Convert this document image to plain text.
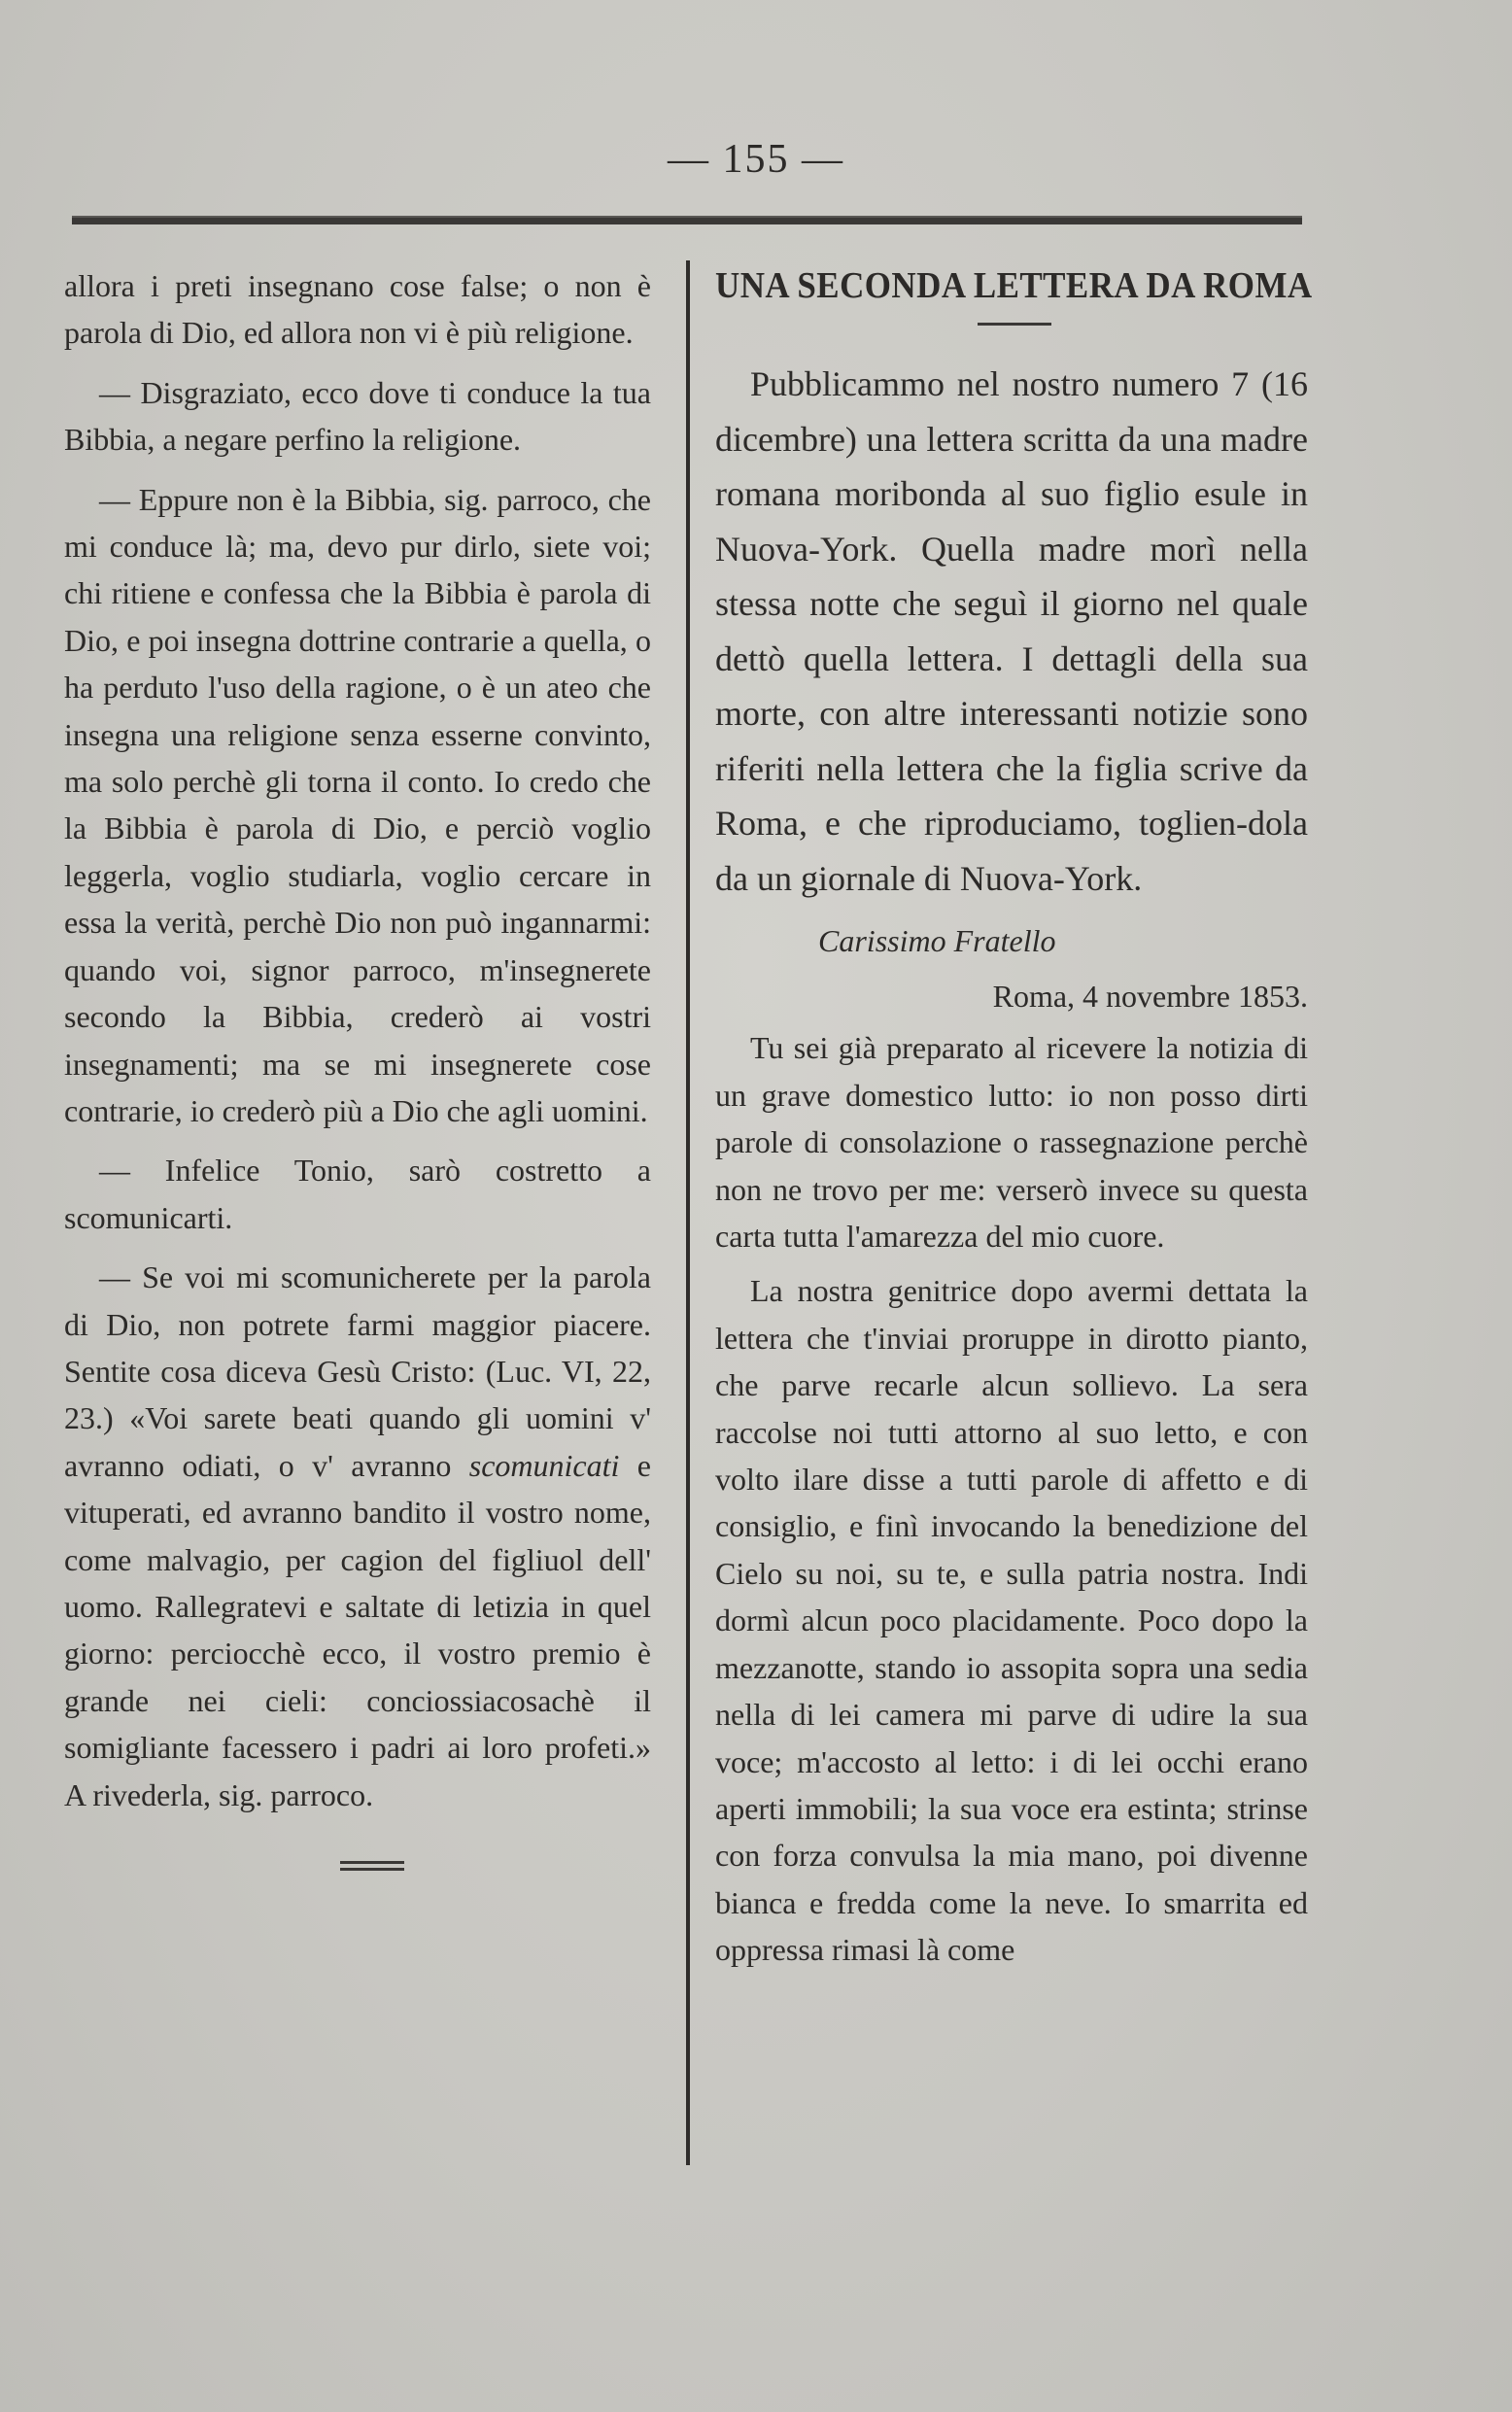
— 155 —

allora i preti insegnano cose false; o non è parola di Dio, ed allora non vi è più religione.

— Disgraziato, ecco dove ti conduce la tua Bibbia, a negare perfino la religione.

— Eppure non è la Bibbia, sig. parroco, che mi conduce là; ma, devo pur dirlo, siete voi; chi ritiene e confessa che la Bibbia è parola di Dio, e poi insegna dottrine contrarie a quella, o ha perduto l'uso della ragione, o è un ateo che insegna una religione senza esserne convinto, ma solo perchè gli torna il conto. Io credo che la Bibbia è parola di Dio, e perciò voglio leggerla, voglio studiarla, voglio cercare in essa la verità, perchè Dio non può ingannarmi: quando voi, signor parroco, m'insegnerete secondo la Bibbia, crederò ai vostri insegnamenti; ma se mi insegnerete cose contrarie, io crederò più a Dio che agli uomini.

— Infelice Tonio, sarò costretto a scomunicarti.

— Se voi mi scomunicherete per la parola di Dio, non potrete farmi maggior piacere. Sentite cosa diceva Gesù Cristo: (Luc. VI, 22, 23.) «Voi sarete beati quando gli uomini v' avranno odiati, o v' avranno scomunicati e vituperati, ed avranno bandito il vostro nome, come malvagio, per cagion del figliuol dell' uomo. Rallegratevi e saltate di letizia in quel giorno: perciocchè ecco, il vostro premio è grande nei cieli: conciossiacosachè il somigliante facessero i padri ai loro profeti.» A rivederla, sig. parroco.

UNA SECONDA LETTERA DA ROMA

Pubblicammo nel nostro numero 7 (16 dicembre) una lettera scritta da una madre romana moribonda al suo figlio esule in Nuova-York. Quella madre morì nella stessa notte che seguì il giorno nel quale dettò quella lettera. I dettagli della sua morte, con altre interessanti notizie sono riferiti nella lettera che la figlia scrive da Roma, e che riproduciamo, toglien-dola da un giornale di Nuova-York.

Carissimo Fratello
Roma, 4 novembre 1853.

Tu sei già preparato al ricevere la notizia di un grave domestico lutto: io non posso dirti parole di consolazione o rassegnazione perchè non ne trovo per me: verserò invece su questa carta tutta l'amarezza del mio cuore.

La nostra genitrice dopo avermi dettata la lettera che t'inviai proruppe in dirotto pianto, che parve recarle alcun sollievo. La sera raccolse noi tutti attorno al suo letto, e con volto ilare disse a tutti parole di affetto e di consiglio, e finì invocando la benedizione del Cielo su noi, su te, e sulla patria nostra. Indi dormì alcun poco placidamente. Poco dopo la mezzanotte, stando io assopita sopra una sedia nella di lei camera mi parve di udire la sua voce; m'accosto al letto: i di lei occhi erano aperti immobili; la sua voce era estinta; strinse con forza convulsa la mia mano, poi divenne bianca e fredda come la neve. Io smarrita ed oppressa rimasi là come
